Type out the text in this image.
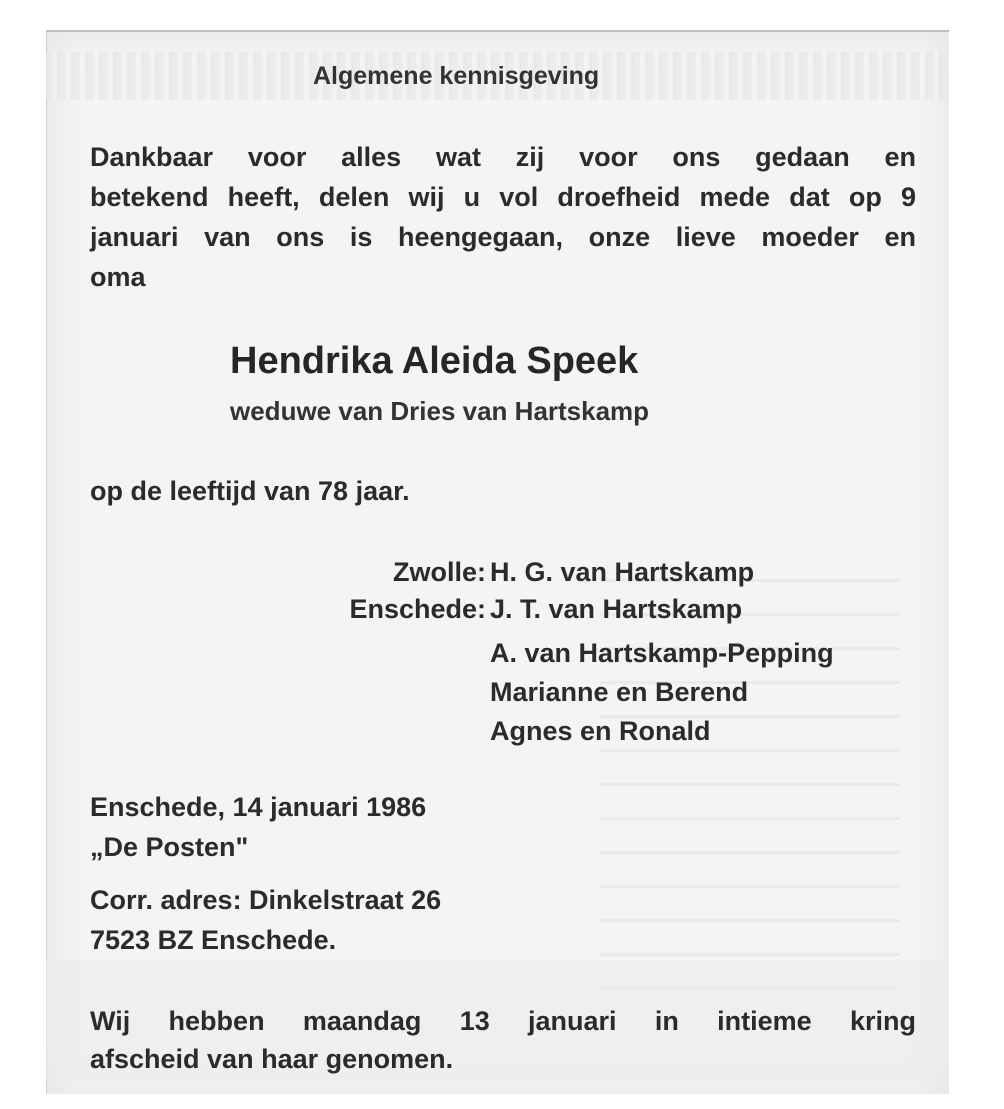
Algemene kennisgeving

Dankbaar voor alles wat zij voor ons gedaan en

betekend heeft, delen wij u vol droefheid mede dat op 9

januari van ons is heengegaan, onze lieve moeder en

oma

Hendrika Aleida Speek

weduwe van Dries van Hartskamp

op de leeftijd van 78 jaar.

Zwolle: H. G. van Hartskamp

Enschede: J. T. van Hartskamp

A. van Hartskamp-Pepping

Marianne en Berend

Agnes en Ronald

Enschede, 14 januari 1986

„De Posten"

Corr. adres: Dinkelstraat 26

7523 BZ Enschede.

Wij hebben maandag 13 januari in intieme kring

afscheid van haar genomen.
